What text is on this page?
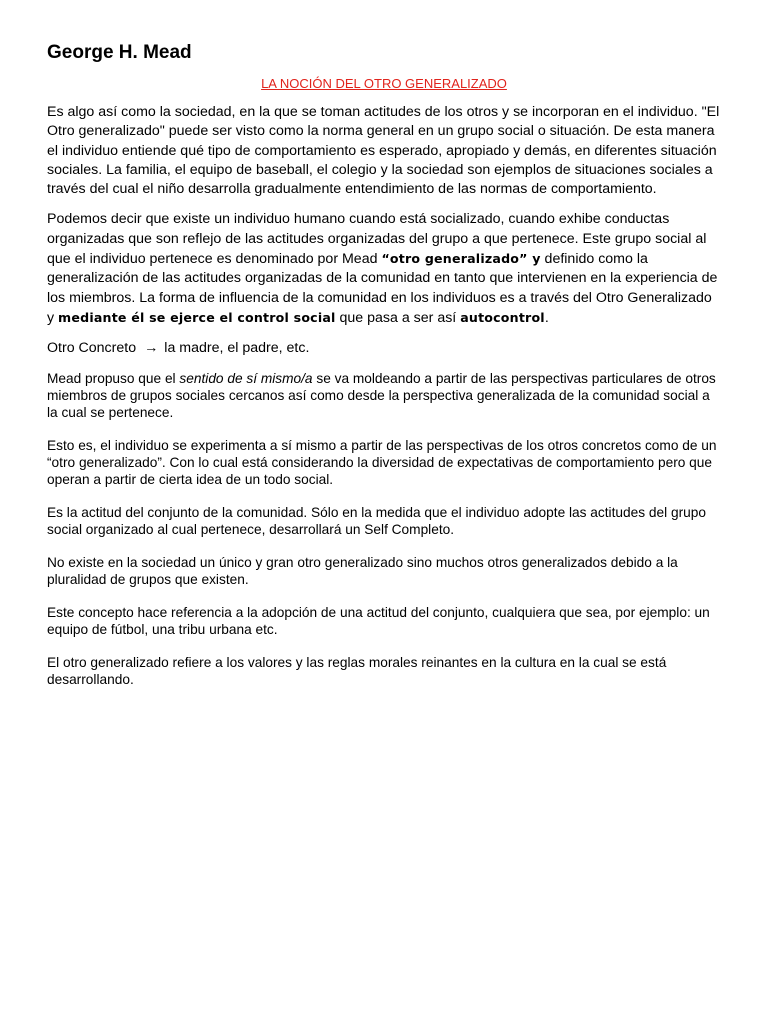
George H. Mead
LA NOCIÓN DEL OTRO GENERALIZADO

Es algo así como la sociedad, en la que se toman actitudes de los otros y se incorporan en el individuo. "El Otro generalizado" puede ser visto como la norma general en un grupo social o situación. De esta manera el individuo entiende qué tipo de comportamiento es esperado, apropiado y demás, en diferentes situación sociales. La familia, el equipo de baseball, el colegio y la sociedad son ejemplos de situaciones sociales a través del cual el niño desarrolla gradualmente entendimiento de las normas de comportamiento.

Podemos decir que existe un individuo humano cuando está socializado, cuando exhibe conductas organizadas que son reflejo de las actitudes organizadas del grupo a que pertenece. Este grupo social al que el individuo pertenece es denominado por Mead “otro generalizado” y definido como la generalización de las actitudes organizadas de la comunidad en tanto que intervienen en la experiencia de los miembros. La forma de influencia de la comunidad en los individuos es a través del Otro Generalizado y mediante él se ejerce el control social que pasa a ser así autocontrol.

Otro Concreto → la madre, el padre, etc.

Mead propuso que el sentido de sí mismo/a se va moldeando a partir de las perspectivas particulares de otros miembros de grupos sociales cercanos así como desde la perspectiva generalizada de la comunidad social a la cual se pertenece.

Esto es, el individuo se experimenta a sí mismo a partir de las perspectivas de los otros concretos como de un “otro generalizado”. Con lo cual está considerando la diversidad de expectativas de comportamiento pero que operan a partir de cierta idea de un todo social.

Es la actitud del conjunto de la comunidad. Sólo en la medida que el individuo adopte las actitudes del grupo social organizado al cual pertenece, desarrollará un Self Completo.

No existe en la sociedad un único y gran otro generalizado sino muchos otros generalizados debido a la pluralidad de grupos que existen.

Este concepto hace referencia a la adopción de una actitud del conjunto, cualquiera que sea, por ejemplo: un equipo de fútbol, una tribu urbana etc.

El otro generalizado refiere a los valores y las reglas morales reinantes en la cultura en la cual se está desarrollando.
